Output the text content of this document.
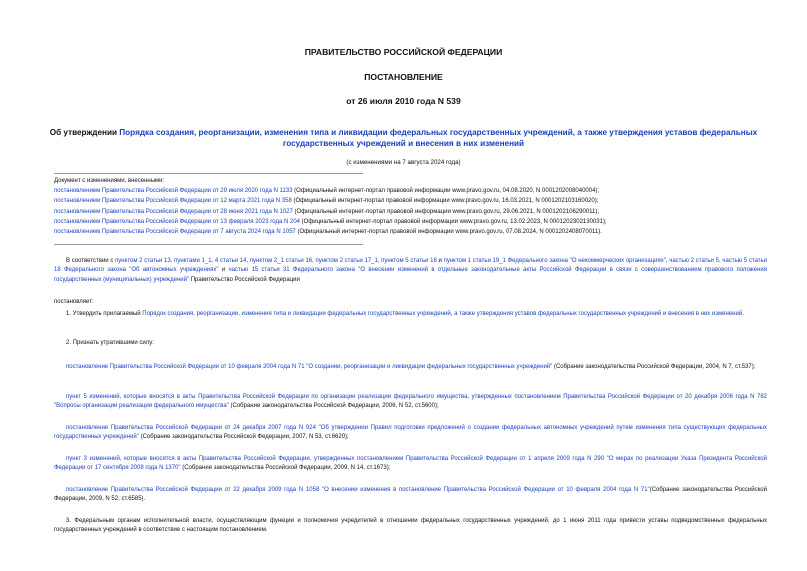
ПРАВИТЕЛЬСТВО РОССИЙСКОЙ ФЕДЕРАЦИИ
ПОСТАНОВЛЕНИЕ
от 26 июля 2010 года N 539
Об утверждении Порядка создания, реорганизации, изменения типа и ликвидации федеральных государственных учреждений, а также утверждения уставов федеральных государственных учреждений и внесения в них изменений
(с изменениями на 7 августа 2024 года)
Документ с изменениями, внесенными:
постановлением Правительства Российской Федерации от 29 июля 2020 года N 1133 (Официальный интернет-портал правовой информации www.pravo.gov.ru, 04.08.2020, N 0001202008040004);
постановлением Правительства Российской Федерации от 12 марта 2021 года N 358 (Официальный интернет-портал правовой информации www.pravo.gov.ru, 16.03.2021, N 0001202103160020);
постановлением Правительства Российской Федерации от 28 июня 2021 года N 1027 (Официальный интернет-портал правовой информации www.pravo.gov.ru, 29.06.2021, N 0001202106290011);
постановлением Правительства Российской Федерации от 13 февраля 2023 года N 204 (Официальный интернет-портал правовой информации www.pravo.gov.ru, 13.02.2023, N 0001202302130031);
постановлением Правительства Российской Федерации от 7 августа 2024 года N 1057 (Официальный интернет-портал правовой информации www.pravo.gov.ru, 07.08.2024, N 0001202408070011).
В соответствии с пунктом 2 статьи 13, пунктами 1_1, 4 статьи 14, пунктом 2_1 статьи 16, пунктом 2 статьи 17_1, пунктом 5 статьи 18 и пунктом 1 статьи 19_1 Федерального закона "О некоммерческих организациях", частью 2 статьи 5, частью 5 статьи 18 Федерального закона "Об автономных учреждениях" и частью 15 статьи 31 Федерального закона "О внесении изменений в отдельные законодательные акты Российской Федерации в связи с совершенствованием правового положения государственных (муниципальных) учреждений" Правительство Российской Федерации
постановляет:
1. Утвердить прилагаемый Порядок создания, реорганизации, изменения типа и ликвидации федеральных государственных учреждений, а также утверждения уставов федеральных государственных учреждений и внесения в них изменений.
2. Признать утратившими силу:
постановление Правительства Российской Федерации от 10 февраля 2004 года N 71 "О создании, реорганизации и ликвидации федеральных государственных учреждений" (Собрание законодательства Российской Федерации, 2004, N 7, ст.537);
пункт 5 изменений, которые вносятся в акты Правительства Российской Федерации по организации реализации федерального имущества, утвержденных постановлением Правительства Российской Федерации от 20 декабря 2006 года N 782 "Вопросы организации реализации федерального имущества" (Собрание законодательства Российской Федерации, 2006, N 52, ст.5600);
постановление Правительства Российской Федерации от 24 декабря 2007 года N 924 "Об утверждении Правил подготовки предложений о создании федеральных автономных учреждений путем изменения типа существующих федеральных государственных учреждений" (Собрание законодательства Российской Федерации, 2007, N 53, ст.6620);
пункт 3 изменений, которые вносятся в акты Правительства Российской Федерации, утвержденных постановлением Правительства Российской Федерации от 1 апреля 2009 года N 290 "О мерах по реализации Указа Президента Российской Федерации от 17 сентября 2008 года N 1370" (Собрание законодательства Российской Федерации, 2009, N 14, ст.1673);
постановление Правительства Российской Федерации от 22 декабря 2009 года N 1058 "О внесении изменения в постановление Правительства Российской Федерации от 10 февраля 2004 года N 71"(Собрание законодательства Российской Федерации, 2009, N 52, ст.6585).
3. Федеральным органам исполнительной власти, осуществляющим функции и полномочия учредителей в отношении федеральных государственных учреждений, до 1 июня 2011 года привести уставы подведомственных федеральных государственных учреждений в соответствие с настоящим постановлением.
